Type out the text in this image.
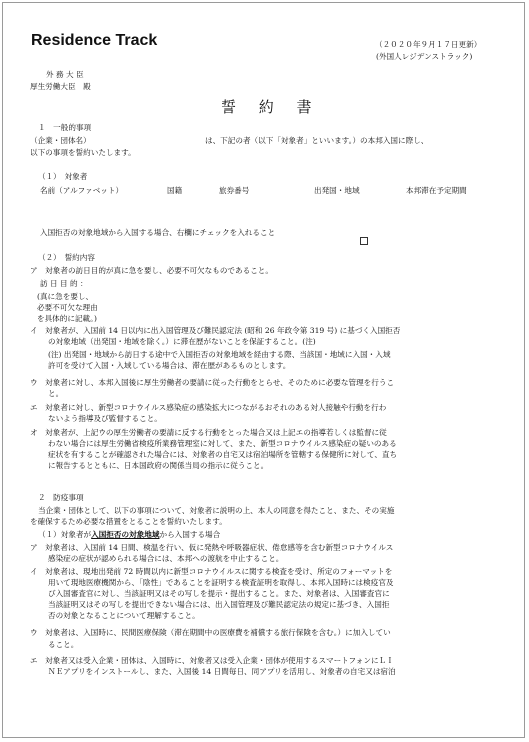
Residence Track	（２０２０年９月１７日更新）
(外国人レジデンストラック)
外 務 大 臣
厚生労働大臣　殿
誓 約 書
１　一般的事項
（企業・団体名）	は、下記の者（以下「対象者」といいます。）の本邦入国に際し、
以下の事項を誓約いたします。
（１）　対象者
名前（アルファベット）	国籍	旅券番号	出発国・地域	本邦滞在予定期間
入国拒否の対象地域から入国する場合、右欄にチェックを入れること
（２）　誓約内容
ア　対象者の訪日目的が真に急を要し、必要不可欠なものであること。
訪 日 目 的 ：
(真に急を要し、
必要不可欠な理由
を具体的に記載。)
イ　対象者が、入国前 14 日以内に出入国管理及び難民認定法 (昭和 26 年政令第 319 号) に基づく入国拒否
の対象地域（出発国・地域を除く。）に滞在歴がないことを保証すること。(注)
(注) 出発国・地域から訪日する途中で入国拒否の対象地域を経由する際、当該国・地域に入国・入域
許可を受けて入国・入域している場合は、滞在歴があるものとします。
ウ　対象者に対し、本邦入国後に厚生労働者の要請に従った行動をとらせ、そのために必要な管理を行うこ
と。
エ　対象者に対し、新型コロナウイルス感染症の感染拡大につながるおそれのある対人接触や行動を行わ
ないよう指導及び監督すること。
オ　対象者が、上記ウの厚生労働者の要請に反する行動をとった場合又は上記エの指導若しくは監督に従
わない場合には厚生労働省検疫所業務管理室に対して、また、新型コロナウイルス感染症の疑いのある
症状を有することが確認された場合には、対象者の自宅又は宿泊場所を管轄する保健所に対して、直ち
に報告するとともに、日本国政府の関係当局の指示に従うこと。
２　防疫事項
当企業・団体として、以下の事項について、対象者に説明の上、本人の同意を得たこと、また、その実施
を確保するため必要な措置をとることを誓約いたします。
（１）対象者が入国拒否の対象地域から入国する場合
ア　対象者は、入国前 14 日間、検温を行い、仮に発熱や呼吸器症状、倦怠感等を含む新型コロナウイルス
感染症の症状が認められる場合には、本邦への渡航を中止すること。
イ　対象者は、現地出発前 72 時間以内に新型コロナウイルスに関する検査を受け、所定のフォーマットを
用いて現地医療機関から、「陰性」であることを証明する検査証明を取得し、本邦入国時には検疫官及
び入国審査官に対し、当該証明又はその写しを提示・提出すること。また、対象者は、入国審査官に
当該証明又はその写しを提出できない場合には、出入国管理及び難民認定法の規定に基づき、入国拒
否の対象となることについて理解すること。
ウ　対象者は、入国時に、民間医療保険（滞在期間中の医療費を補償する旅行保険を含む。）に加入してい
ること。
エ　対象者又は受入企業・団体は、入国時に、対象者又は受入企業・団体が使用するスマートフォンにＬＩ
ＮＥアプリをインストールし、また、入国後 14 日間毎日、同アプリを活用し、対象者の自宅又は宿泊
